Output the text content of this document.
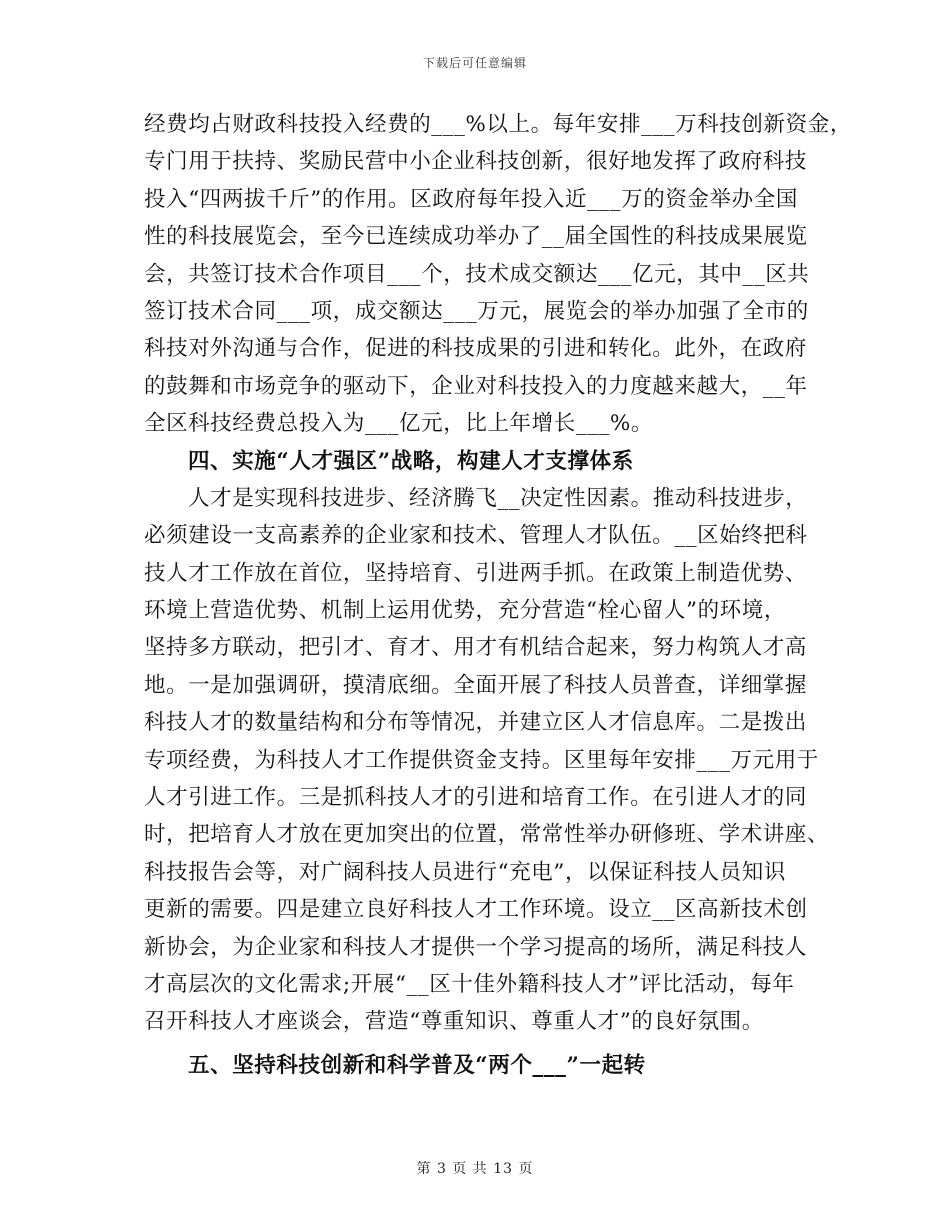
下载后可任意编辑
经费均占财政科技投入经费的___%以上。每年安排___万科技创新资金，
专门用于扶持、奖励民营中小企业科技创新，很好地发挥了政府科技
投入“四两拔千斤”的作用。区政府每年投入近___万的资金举办全国
性的科技展览会，至今已连续成功举办了__届全国性的科技成果展览
会，共签订技术合作项目___个，技术成交额达___亿元，其中__区共
签订技术合同___项，成交额达___万元，展览会的举办加强了全市的
科技对外沟通与合作，促进的科技成果的引进和转化。此外，在政府
的鼓舞和市场竞争的驱动下，企业对科技投入的力度越来越大，__年
全区科技经费总投入为___亿元，比上年增长___%。
四、实施“人才强区”战略，构建人才支撑体系
人才是实现科技进步、经济腾飞__决定性因素。推动科技进步，
必须建设一支高素养的企业家和技术、管理人才队伍。__区始终把科
技人才工作放在首位，坚持培育、引进两手抓。在政策上制造优势、
环境上营造优势、机制上运用优势，充分营造“栓心留人”的环境，
坚持多方联动，把引才、育才、用才有机结合起来，努力构筑人才高
地。一是加强调研，摸清底细。全面开展了科技人员普查，详细掌握
科技人才的数量结构和分布等情况，并建立区人才信息库。二是拨出
专项经费，为科技人才工作提供资金支持。区里每年安排___万元用于
人才引进工作。三是抓科技人才的引进和培育工作。在引进人才的同
时，把培育人才放在更加突出的位置，常常性举办研修班、学术讲座、
科技报告会等，对广阔科技人员进行“充电”，以保证科技人员知识
更新的需要。四是建立良好科技人才工作环境。设立__区高新技术创
新协会，为企业家和科技人才提供一个学习提高的场所，满足科技人
才高层次的文化需求;开展“__区十佳外籍科技人才”评比活动，每年
召开科技人才座谈会，营造“尊重知识、尊重人才”的良好氛围。
五、坚持科技创新和科学普及“两个___”一起转
第 3 页 共 13 页
